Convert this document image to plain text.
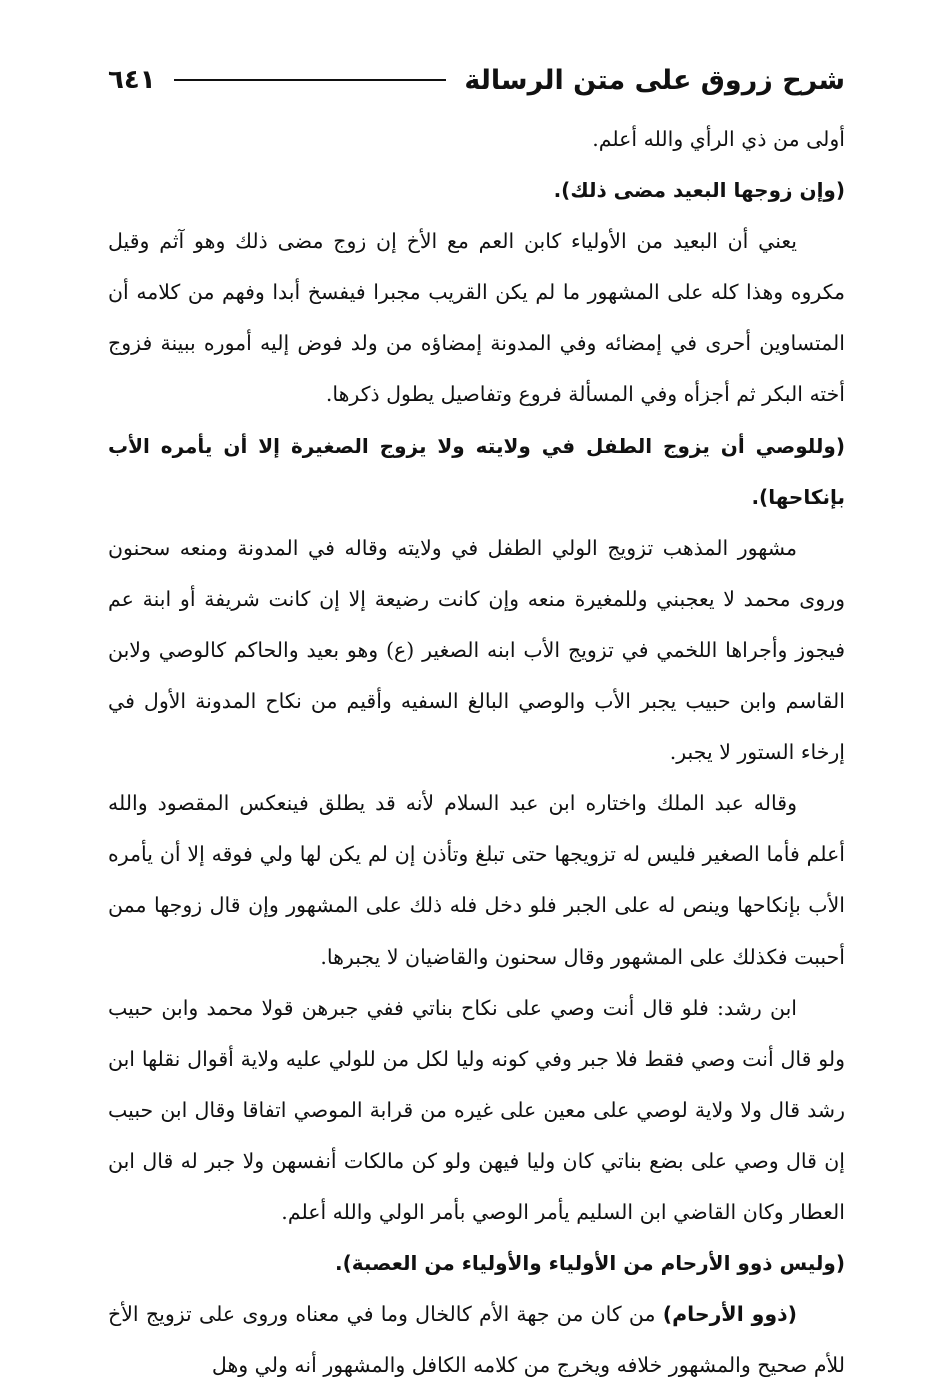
شرح زروق على متن الرسالة
٦٤١

أولى من ذي الرأي والله أعلم.

(وإن زوجها البعيد مضى ذلك).

يعني أن البعيد من الأولياء كابن العم مع الأخ إن زوج مضى ذلك وهو آثم وقيل مكروه وهذا كله على المشهور ما لم يكن القريب مجبرا فيفسخ أبدا وفهم من كلامه أن المتساوين أحرى في إمضائه وفي المدونة إمضاؤه من ولد فوض إليه أموره ببينة فزوج أخته البكر ثم أجزأه وفي المسألة فروع وتفاصيل يطول ذكرها.

(وللوصي أن يزوج الطفل في ولايته ولا يزوج الصغيرة إلا أن يأمره الأب بإنكاحها).

مشهور المذهب تزويج الولي الطفل في ولايته وقاله في المدونة ومنعه سحنون وروى محمد لا يعجبني وللمغيرة منعه وإن كانت رضيعة إلا إن كانت شريفة أو ابنة عم فيجوز وأجراها اللخمي في تزويج الأب ابنه الصغير (ع) وهو بعيد والحاكم كالوصي ولابن القاسم وابن حبيب يجبر الأب والوصي البالغ السفيه وأقيم من نكاح المدونة الأول في إرخاء الستور لا يجبر.

وقاله عبد الملك واختاره ابن عبد السلام لأنه قد يطلق فينعكس المقصود والله أعلم فأما الصغير فليس له تزويجها حتى تبلغ وتأذن إن لم يكن لها ولي فوقه إلا أن يأمره الأب بإنكاحها وينص له على الجبر فلو دخل فله ذلك على المشهور وإن قال زوجها ممن أحببت فكذلك على المشهور وقال سحنون والقاضيان لا يجبرها.

ابن رشد: فلو قال أنت وصي على نكاح بناتي ففي جبرهن قولا محمد وابن حبيب ولو قال أنت وصي فقط فلا جبر وفي كونه وليا لكل من للولي عليه ولاية أقوال نقلها ابن رشد قال ولا ولاية لوصي على معين على غيره من قرابة الموصي اتفاقا وقال ابن حبيب إن قال وصي على بضع بناتي كان وليا فيهن ولو كن مالكات أنفسهن ولا جبر له قال ابن العطار وكان القاضي ابن السليم يأمر الوصي بأمر الولي والله أعلم.

(وليس ذوو الأرحام من الأولياء والأولياء من العصبة).

(ذوو الأرحام) من كان من جهة الأم كالخال وما في معناه وروى على تزويج الأخ للأم صحيح والمشهور خلافه ويخرج من كلامه الكافل والمشهور أنه ولي وهل
